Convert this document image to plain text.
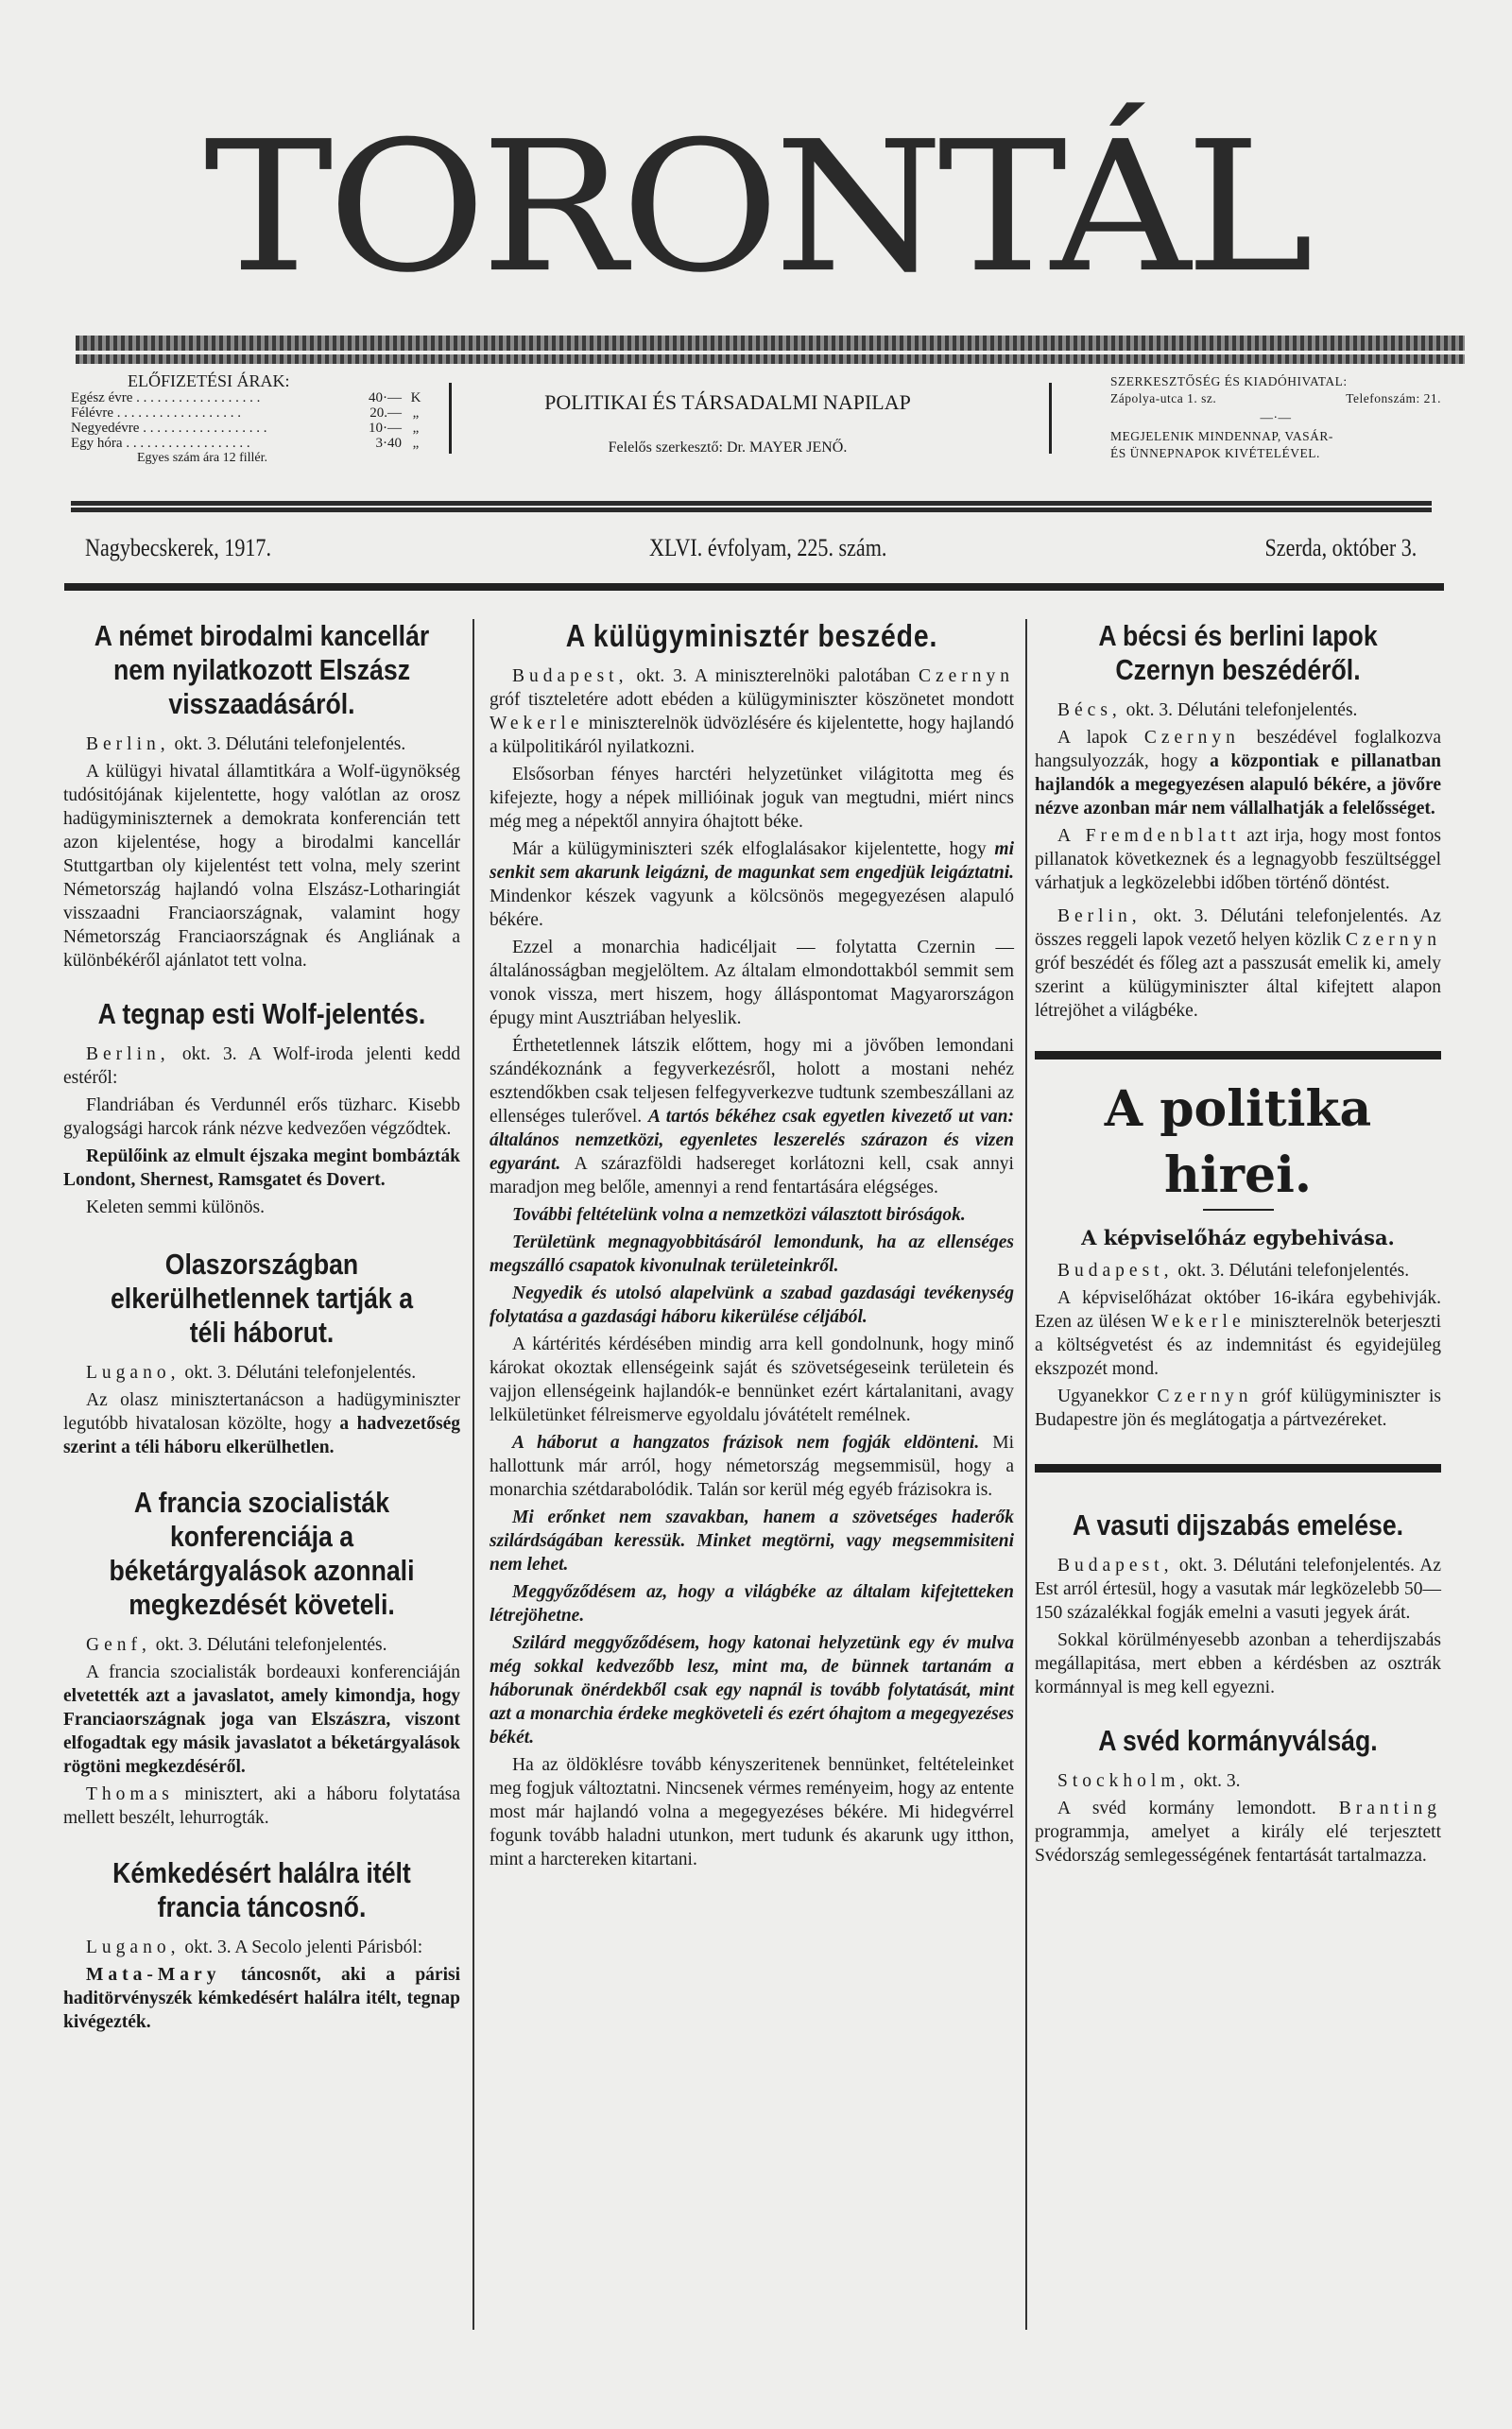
TORONTÁL
ELŐFIZETÉSI ÁRAK:
Egész évre . . .	40·— K
Félévre . . .	20.— „
Negyedévre . . .	10·— „
Egy hóra . . .	3·40 „
Egyes szám ára 12 fillér.
POLITIKAI ÉS TÁRSADALMI NAPILAP
Felelős szerkesztő: Dr. MAYER JENŐ.
SZERKESZTŐSÉG ÉS KIADÓHIVATAL:
Zápolya-utca 1. sz.	Telefonszám: 21.
—·—
MEGJELENIK MINDENNAP, VASÁR-
ÉS ÜNNEPNAPOK KIVÉTELÉVEL.
Nagybecskerek, 1917.	XLVI. évfolyam, 225. szám.	Szerda, október 3.
A német birodalmi kancellár nem nyilatkozott Elszász visszaadásáról.

Berlin, okt. 3. Délutáni telefonjelentés.

A külügyi hivatal államtitkára a Wolf-ügynökség tudósitójának kijelentette, hogy valótlan az orosz hadügyminiszternek a demokrata konferencián tett azon kijelentése, hogy a birodalmi kancellár Stuttgartban oly kijelentést tett volna, mely szerint Németország hajlandó volna Elszász-Lotharingiát visszaadni Franciaországnak, valamint hogy Németország Franciaországnak és Angliának a különbékéről ajánlatot tett volna.

A tegnap esti Wolf-jelentés.

Berlin, okt. 3. A Wolf-iroda jelenti kedd estéről:

Flandriában és Verdunnél erős tüzharc. Kisebb gyalogsági harcok ránk nézve kedvezően végződtek.

Repülőink az elmult éjszaka megint bombázták Londont, Shernest, Ramsgatet és Dovert.

Keleten semmi különös.

Olaszországban elkerülhetlennek tartják a téli háborut.

Lugano, okt. 3. Délutáni telefonjelentés.

Az olasz minisztertanácson a hadügyminiszter legutóbb hivatalosan közölte, hogy a hadvezetőség szerint a téli háboru elkerülhetlen.

A francia szocialisták konferenciája a béketárgyalások azonnali megkezdését követeli.

Genf, okt. 3. Délutáni telefonjelentés.

A francia szocialisták bordeauxi konferenciáján elvetették azt a javaslatot, amely kimondja, hogy Franciaországnak joga van Elszászra, viszont elfogadtak egy másik javaslatot a béketárgyalások rögtöni megkezdéséről.

Thomas minisztert, aki a háboru folytatása mellett beszélt, lehurrogták.

Kémkedésért halálra itélt francia táncosnő.

Lugano, okt. 3. A Secolo jelenti Párisból:

Mata-Mary táncosnőt, aki a párisi haditörvényszék kémkedésért halálra itélt, tegnap kivégezték.

A külügyminisztér beszéde.

Budapest, okt. 3. A miniszterelnöki palotában Czernyn gróf tiszteletére adott ebéden a külügyminiszter köszönetet mondott Wekerle miniszterelnök üdvözlésére és kijelentette, hogy hajlandó a külpolitikáról nyilatkozni.

Elsősorban fényes harctéri helyzetünket világitotta meg és kifejezte, hogy a népek millióinak joguk van megtudni, miért nincs még meg a népektől annyira óhajtott béke.

Már a külügyminiszteri szék elfoglalásakor kijelentette, hogy mi senkit sem akarunk leigázni, de magunkat sem engedjük leigáztatni. Mindenkor készek vagyunk a kölcsönös megegyezésen alapuló békére.

Ezzel a monarchia hadicéljait — folytatta Czernin — általánosságban megjelöltem. Az általam elmondottakból semmit sem vonok vissza, mert hiszem, hogy álláspontomat Magyarországon épugy mint Ausztriában helyeslik.

Érthetetlennek látszik előttem, hogy mi a jövőben lemondani szándékoznánk a fegyverkezésről, holott a mostani nehéz esztendőkben csak teljesen felfegyverkezve tudtunk szembeszállani az ellenséges tulerővel. A tartós békéhez csak egyetlen kivezető ut van: általános nemzetközi, egyenletes leszerelés szárazon és vizen egyaránt. A szárazföldi hadsereget korlátozni kell, csak annyi maradjon meg belőle, amennyi a rend fentartására elégséges.

További feltételünk volna a nemzetközi választott biróságok.

Területünk megnagyobbitásáról lemondunk, ha az ellenséges megszálló csapatok kivonulnak területeinkről.

Negyedik és utolsó alapelvünk a szabad gazdasági tevékenység folytatása a gazdasági háboru kikerülése céljából.

A kártérités kérdésében mindig arra kell gondolnunk, hogy minő károkat okoztak ellenségeink saját és szövetségeseink területein és vajjon ellenségeink hajlandók-e bennünket ezért kártalanitani, avagy lelkületünket félreismerve egyoldalu jóvátételt remélnek.

A háborut a hangzatos frázisok nem fogják eldönteni. Mi hallottunk már arról, hogy németország megsemmisül, hogy a monarchia szétdarabolódik. Talán sor kerül még egyéb frázisokra is.

Mi erőnket nem szavakban, hanem a szövetséges haderők szilárdságában keressük. Minket megtörni, vagy megsemmisiteni nem lehet.

Meggyőződésem az, hogy a világbéke az általam kifejtetteken létrejöhetne.

Szilárd meggyőződésem, hogy katonai helyzetünk egy év mulva még sokkal kedvezőbb lesz, mint ma, de bünnek tartanám a háborunak önérdekből csak egy napnál is tovább folytatását, mint azt a monarchia érdeke megköveteli és ezért óhajtom a megegyezéses békét.

Ha az öldöklésre tovább kényszeritenek bennünket, feltételeinket meg fogjuk változtatni. Nincsenek vérmes reményeim, hogy az entente most már hajlandó volna a megegyezéses békére. Mi hidegvérrel fogunk tovább haladni utunkon, mert tudunk és akarunk ugy itthon, mint a harctereken kitartani.

A bécsi és berlini lapok Czernyn beszédéről.

Bécs, okt. 3. Délutáni telefonjelentés.

A lapok Czernyn beszédével foglalkozva hangsulyozzák, hogy a központiak e pillanatban hajlandók a megegyezésen alapuló békére, a jövőre nézve azonban már nem vállalhatják a felelősséget.

A Fremdenblatt azt irja, hogy most fontos pillanatok következnek és a legnagyobb feszültséggel várhatjuk a legközelebbi időben történő döntést.

Berlin, okt. 3. Délutáni telefonjelentés. Az összes reggeli lapok vezető helyen közlik Czernyn gróf beszédét és főleg azt a passzusát emelik ki, amely szerint a külügyminiszter által kifejtett alapon létrejöhet a világbéke.

A politika hirei.
A képviselőház egybehivása.

Budapest, okt. 3. Délutáni telefonjelentés.

A képviselőházat október 16-ikára egybehivják. Ezen az ülésen Wekerle miniszterelnök beterjeszti a költségvetést és az indemnitást és egyidejüleg ekszpozét mond.

Ugyanekkor Czernyn gróf külügyminiszter is Budapestre jön és meglátogatja a pártvezéreket.

A vasuti dijszabás emelése.

Budapest, okt. 3. Délutáni telefonjelentés. Az Est arról értesül, hogy a vasutak már legközelebb 50—150 százalékkal fogják emelni a vasuti jegyek árát.

Sokkal körülményesebb azonban a teherdijszabás megállapitása, mert ebben a kérdésben az osztrák kormánnyal is meg kell egyezni.

A svéd kormányválság.

Stockholm, okt. 3.

A svéd kormány lemondott. Branting programmja, amelyet a király elé terjesztett Svédország semlegességének fentartását tartalmazza.
